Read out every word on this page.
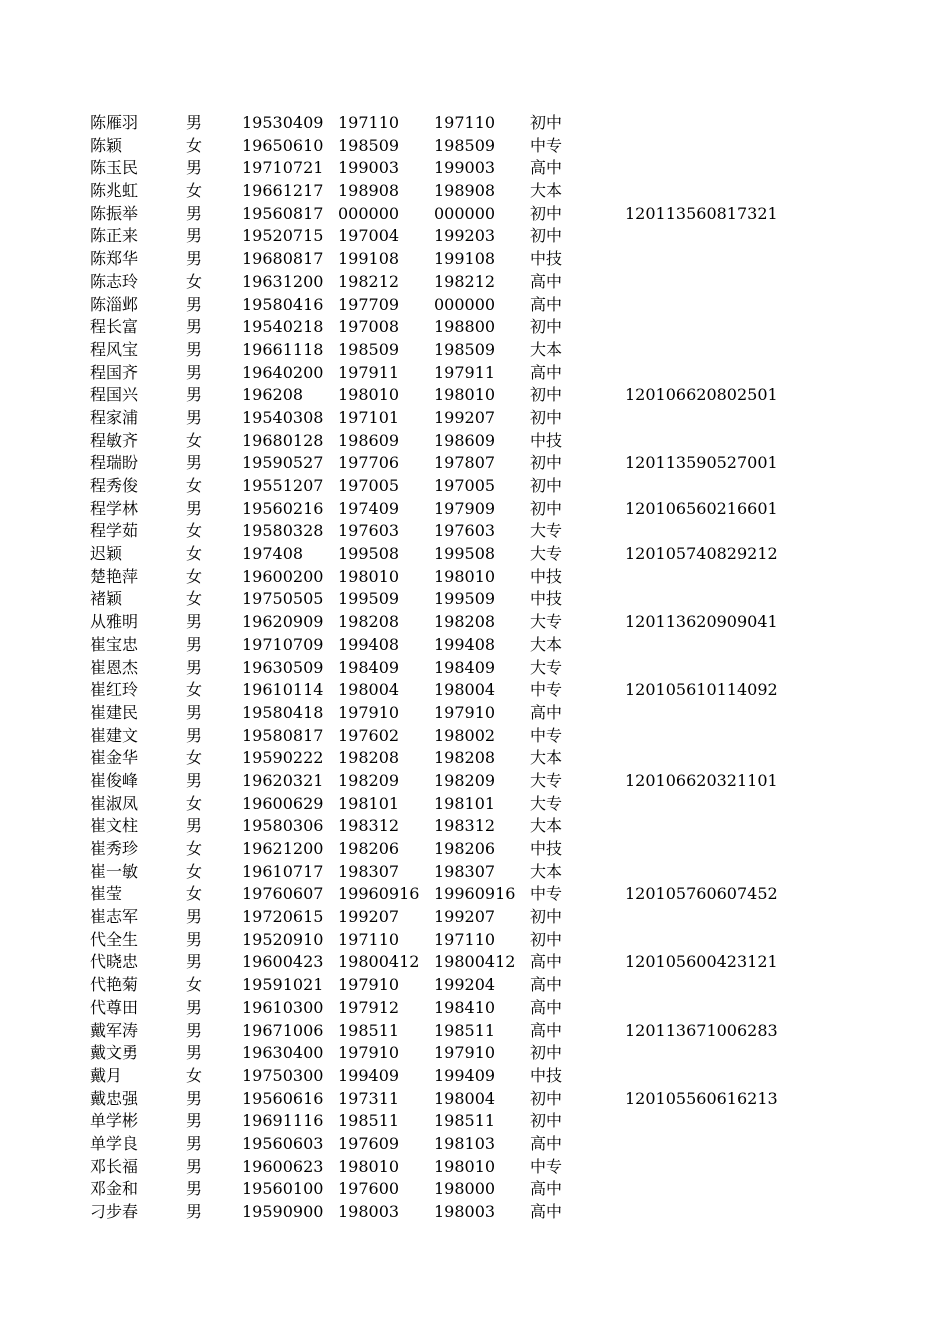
陈雁羽	男 19530409 197110 197110 初中
陈颖	女 19650610 198509 198509 中专
陈玉民	男 19710721 199003 199003 高中
陈兆虹	女 19661217 198908 198908 大本
陈振举	男 19560817 000000 000000 初中	120113560817321
陈正来	男 19520715 197004 199203 初中
陈郑华	男 19680817 199108 199108 中技
陈志玲	女 19631200 198212 198212 高中
陈淄邺	男 19580416 197709 000000 高中
程长富	男 19540218 197008 198800 初中
程风宝	男 19661118 198509 198509 大本
程国齐	男 19640200 197911 197911 高中
程国兴	男 196208 198010 198010 初中	120106620802501
程家浦	男 19540308 197101 199207 初中
程敏齐	女 19680128 198609 198609 中技
程瑞盼	男 19590527 197706 197807 初中	120113590527001
程秀俊	女 19551207 197005 197005 初中
程学林	男 19560216 197409 197909 初中	120106560216601
程学茹	女 19580328 197603 197603 大专
迟颖	女 197408 199508 199508 大专	120105740829212
楚艳萍	女 19600200 198010 198010 中技
褚颖	女 19750505 199509 199509 中技
从雅明	男 19620909 198208 198208 大专	120113620909041
崔宝忠	男 19710709 199408 199408 大本
崔恩杰	男 19630509 198409 198409 大专
崔红玲	女 19610114 198004 198004 中专	120105610114092
崔建民	男 19580418 197910 197910 高中
崔建文	男 19580817 197602 198002 中专
崔金华	女 19590222 198208 198208 大本
崔俊峰	男 19620321 198209 198209 大专	120106620321101
崔淑凤	女 19600629 198101 198101 大专
崔文柱	男 19580306 198312 198312 大本
崔秀珍	女 19621200 198206 198206 中技
崔一敏	女 19610717 198307 198307 大本
崔莹	女 19760607 19960916 19960916 中专	120105760607452
崔志军	男 19720615 199207 199207 初中
代全生	男 19520910 197110 197110 初中
代晓忠	男 19600423 19800412 19800412 高中	120105600423121
代艳菊	女 19591021 197910 199204 高中
代尊田	男 19610300 197912 198410 高中
戴军涛	男 19671006 198511 198511 高中	120113671006283
戴文勇	男 19630400 197910 197910 初中
戴月	女 19750300 199409 199409 中技
戴忠强	男 19560616 197311 198004 初中	120105560616213
单学彬	男 19691116 198511 198511 初中
单学良	男 19560603 197609 198103 高中
邓长福	男 19600623 198010 198010 中专
邓金和	男 19560100 197600 198000 高中
刁步春	男 19590900 198003 198003 高中
